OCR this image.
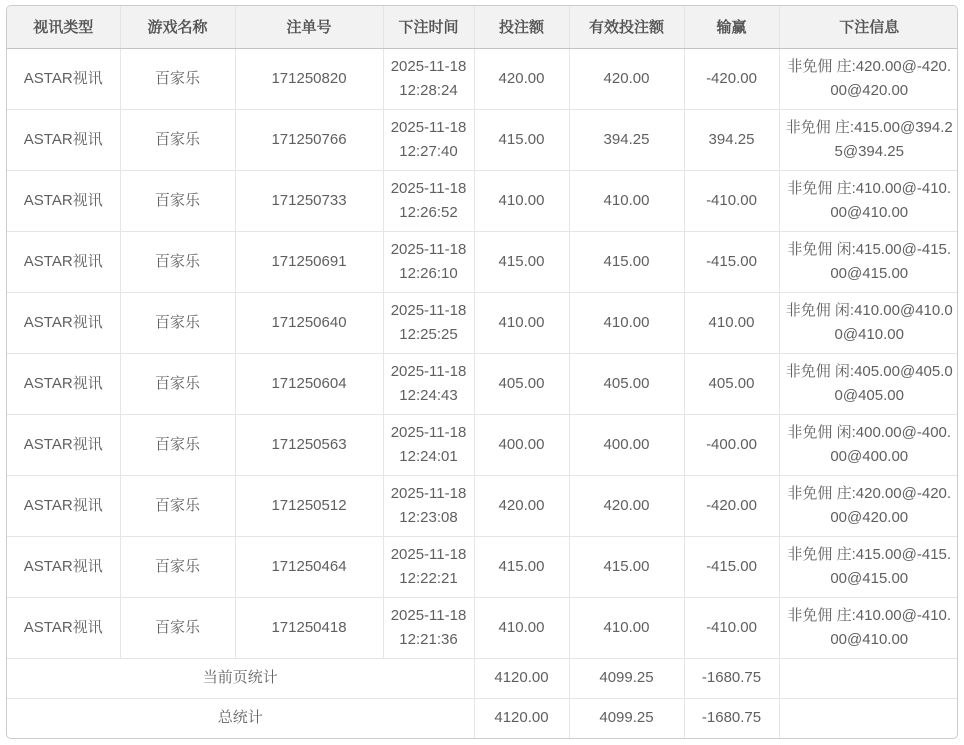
视讯类型	游戏名称	注单号	下注时间	投注额	有效投注额	输赢	下注信息
ASTAR视讯	百家乐	171250820	2025-11-18 12:28:24	420.00	420.00	-420.00	非免佣 庄:420.00@-420.00@420.00
ASTAR视讯	百家乐	171250766	2025-11-18 12:27:40	415.00	394.25	394.25	非免佣 庄:415.00@394.25@394.25
ASTAR视讯	百家乐	171250733	2025-11-18 12:26:52	410.00	410.00	-410.00	非免佣 庄:410.00@-410.00@410.00
ASTAR视讯	百家乐	171250691	2025-11-18 12:26:10	415.00	415.00	-415.00	非免佣 闲:415.00@-415.00@415.00
ASTAR视讯	百家乐	171250640	2025-11-18 12:25:25	410.00	410.00	410.00	非免佣 闲:410.00@410.00@410.00
ASTAR视讯	百家乐	171250604	2025-11-18 12:24:43	405.00	405.00	405.00	非免佣 闲:405.00@405.00@405.00
ASTAR视讯	百家乐	171250563	2025-11-18 12:24:01	400.00	400.00	-400.00	非免佣 闲:400.00@-400.00@400.00
ASTAR视讯	百家乐	171250512	2025-11-18 12:23:08	420.00	420.00	-420.00	非免佣 庄:420.00@-420.00@420.00
ASTAR视讯	百家乐	171250464	2025-11-18 12:22:21	415.00	415.00	-415.00	非免佣 庄:415.00@-415.00@415.00
ASTAR视讯	百家乐	171250418	2025-11-18 12:21:36	410.00	410.00	-410.00	非免佣 庄:410.00@-410.00@410.00
当前页统计				4120.00	4099.25	-1680.75	
总统计				4120.00	4099.25	-1680.75	
